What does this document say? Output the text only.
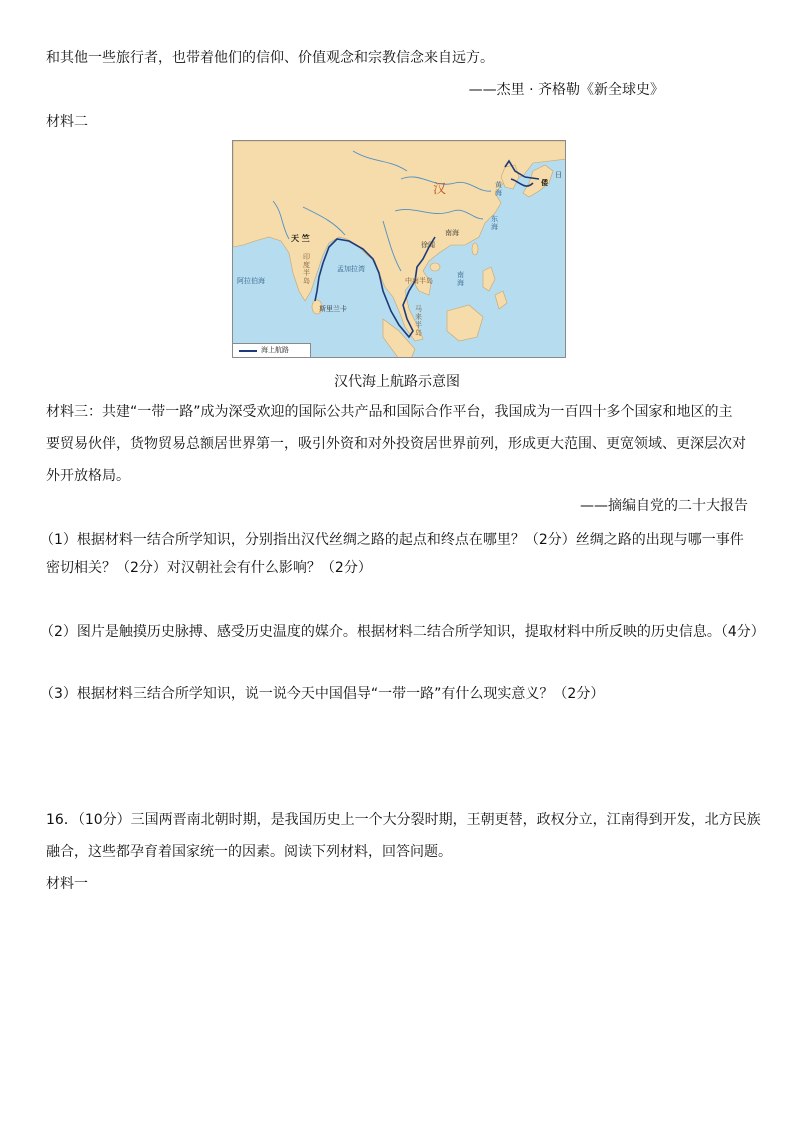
和其他一些旅行者，也带着他们的信仰、价值观念和宗教信念来自远方。
——杰里 · 齐格勒《新全球史》
材料二
汉
天 竺
日
倭
南海
徐闻
印度半岛
孟加拉湾
阿拉伯海	中南半岛
斯里兰卡
南海
东海
黄海
马来半岛
海上航路
汉代海上航路示意图
材料三：共建“一带一路”成为深受欢迎的国际公共产品和国际合作平台，我国成为一百四十多个国家和地区的主
要贸易伙伴，货物贸易总额居世界第一，吸引外资和对外投资居世界前列，形成更大范围、更宽领域、更深层次对
外开放格局。
——摘编自党的二十大报告
（1）根据材料一结合所学知识，分别指出汉代丝绸之路的起点和终点在哪里？（2分）丝绸之路的出现与哪一事件
密切相关？（2分）对汉朝社会有什么影响？（2分）
（2）图片是触摸历史脉搏、感受历史温度的媒介。根据材料二结合所学知识，提取材料中所反映的历史信息。（4分）
（3）根据材料三结合所学知识，说一说今天中国倡导“一带一路”有什么现实意义？（2分）
16．（10分）三国两晋南北朝时期，是我国历史上一个大分裂时期，王朝更替，政权分立，江南得到开发，北方民族
融合，这些都孕育着国家统一的因素。阅读下列材料，回答问题。
材料一
